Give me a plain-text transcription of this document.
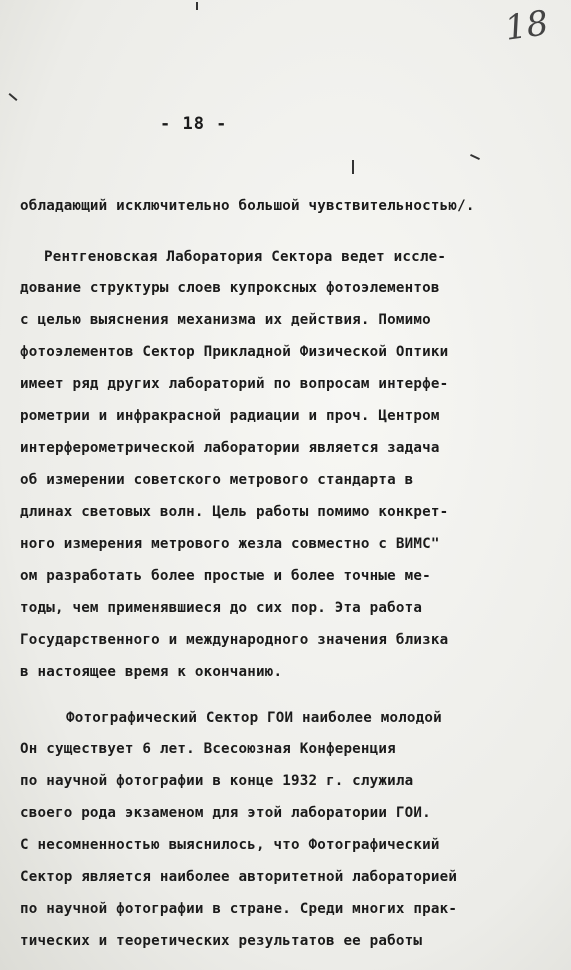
18
- 18 -
обладающий исключительно большой чувствительностью/.
Рентгеновская Лаборатория Сектора ведет иссле-
дование структуры слоев купроксных фотоэлементов
с целью выяснения механизма их действия. Помимо
фотоэлементов Сектор Прикладной Физической Оптики
имеет ряд других лабораторий по вопросам интерфе-
рометрии и инфракрасной радиации и проч. Центром
интерферометрической лаборатории является задача
об измерении советского метрового стандарта в
длинах световых волн. Цель работы помимо конкрет-
ного измерения метрового жезла совместно с ВИМС"
ом разработать более простые и более точные ме-
тоды, чем применявшиеся до сих пор. Эта работа
Государственного и международного значения близка
в настоящее время к окончанию.
Фотографический Сектор ГОИ наиболее молодой
Он существует 6 лет. Всесоюзная Конференция
по научной фотографии в конце 1932 г. служила
своего рода экзаменом для этой лаборатории ГОИ.
С несомненностью выяснилось, что Фотографический
Сектор является наиболее авторитетной лабораторией
по научной фотографии в стране. Среди многих прак-
тических и теоретических результатов ее работы
